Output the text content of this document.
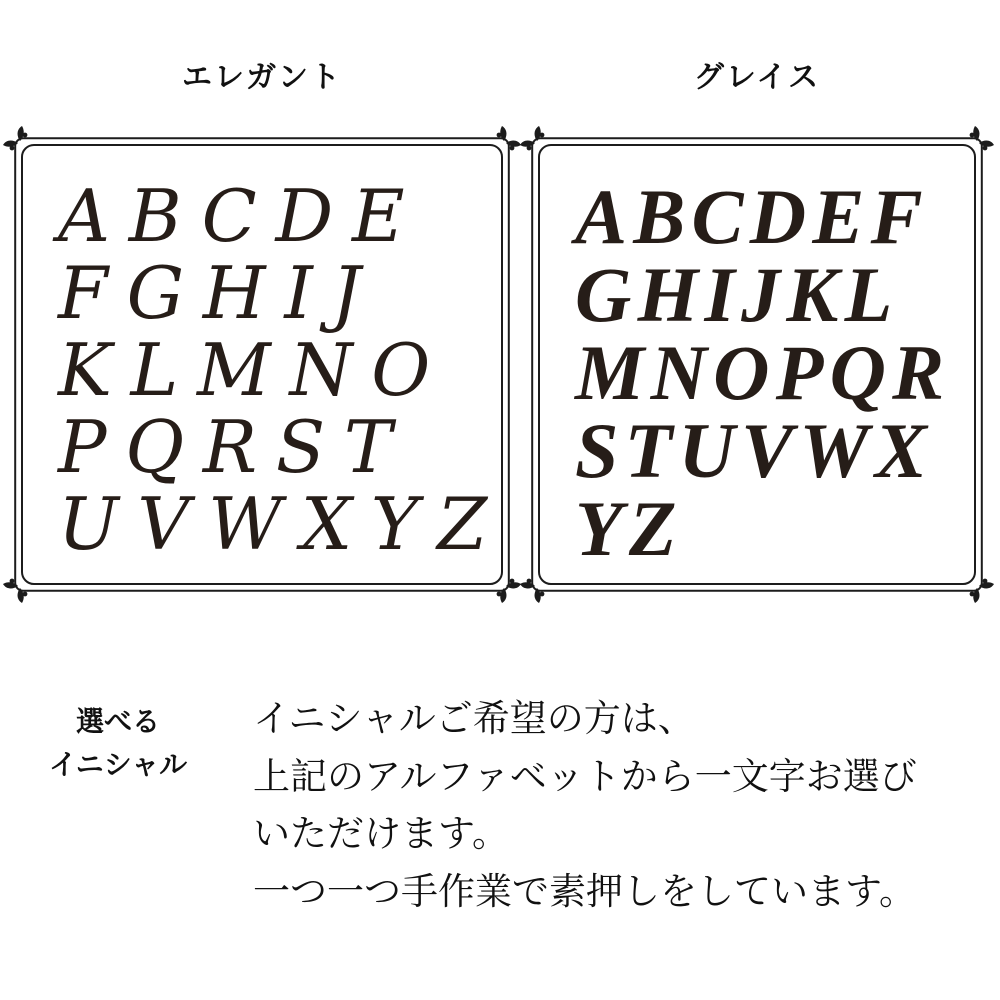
エレガント	グレイス
ABCDE
FGHIJ
KLMNO
PQRST
UVWXYZ
ABCDEF
GHIJKL
MNOPQR
STUVWX
YZ
選べる
イニシャル

イニシャルご希望の方は、

上記のアルファベットから一文字お選び

いただけます。

一つ一つ手作業で素押しをしています。
